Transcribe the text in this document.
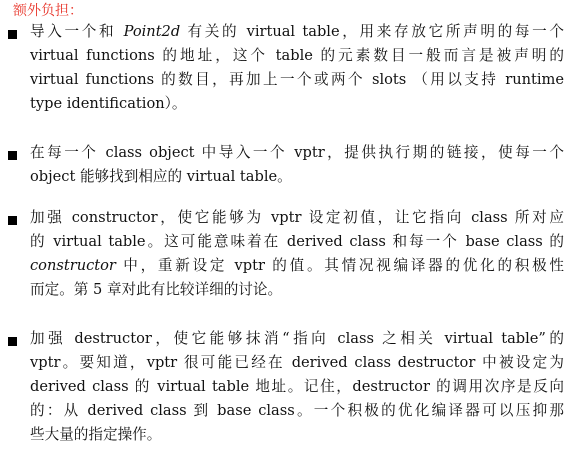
额外负担：
导入一个和 Point2d 有关的 virtual table，用来存放它所声明的每一个
virtual functions 的地址，这个 table 的元素数目一般而言是被声明的
virtual functions 的数目，再加上一个或两个 slots （用以支持 runtime
type identification）。
在每一个 class object 中导入一个 vptr，提供执行期的链接，使每一个
object 能够找到相应的 virtual table。
加强 constructor，使它能够为 vptr 设定初值，让它指向 class 所对应
的 virtual table。这可能意味着在 derived class 和每一个 base class 的
constructor 中，重新设定 vptr 的值。其情况视编译器的优化的积极性
而定。第 5 章对此有比较详细的讨论。
加强 destructor，使它能够抹消“指向 class 之相关 virtual table”的
vptr。要知道，vptr 很可能已经在 derived class destructor 中被设定为
derived class 的 virtual table 地址。记住，destructor 的调用次序是反向
的：从 derived class 到 base class。一个积极的优化编译器可以压抑那
些大量的指定操作。
